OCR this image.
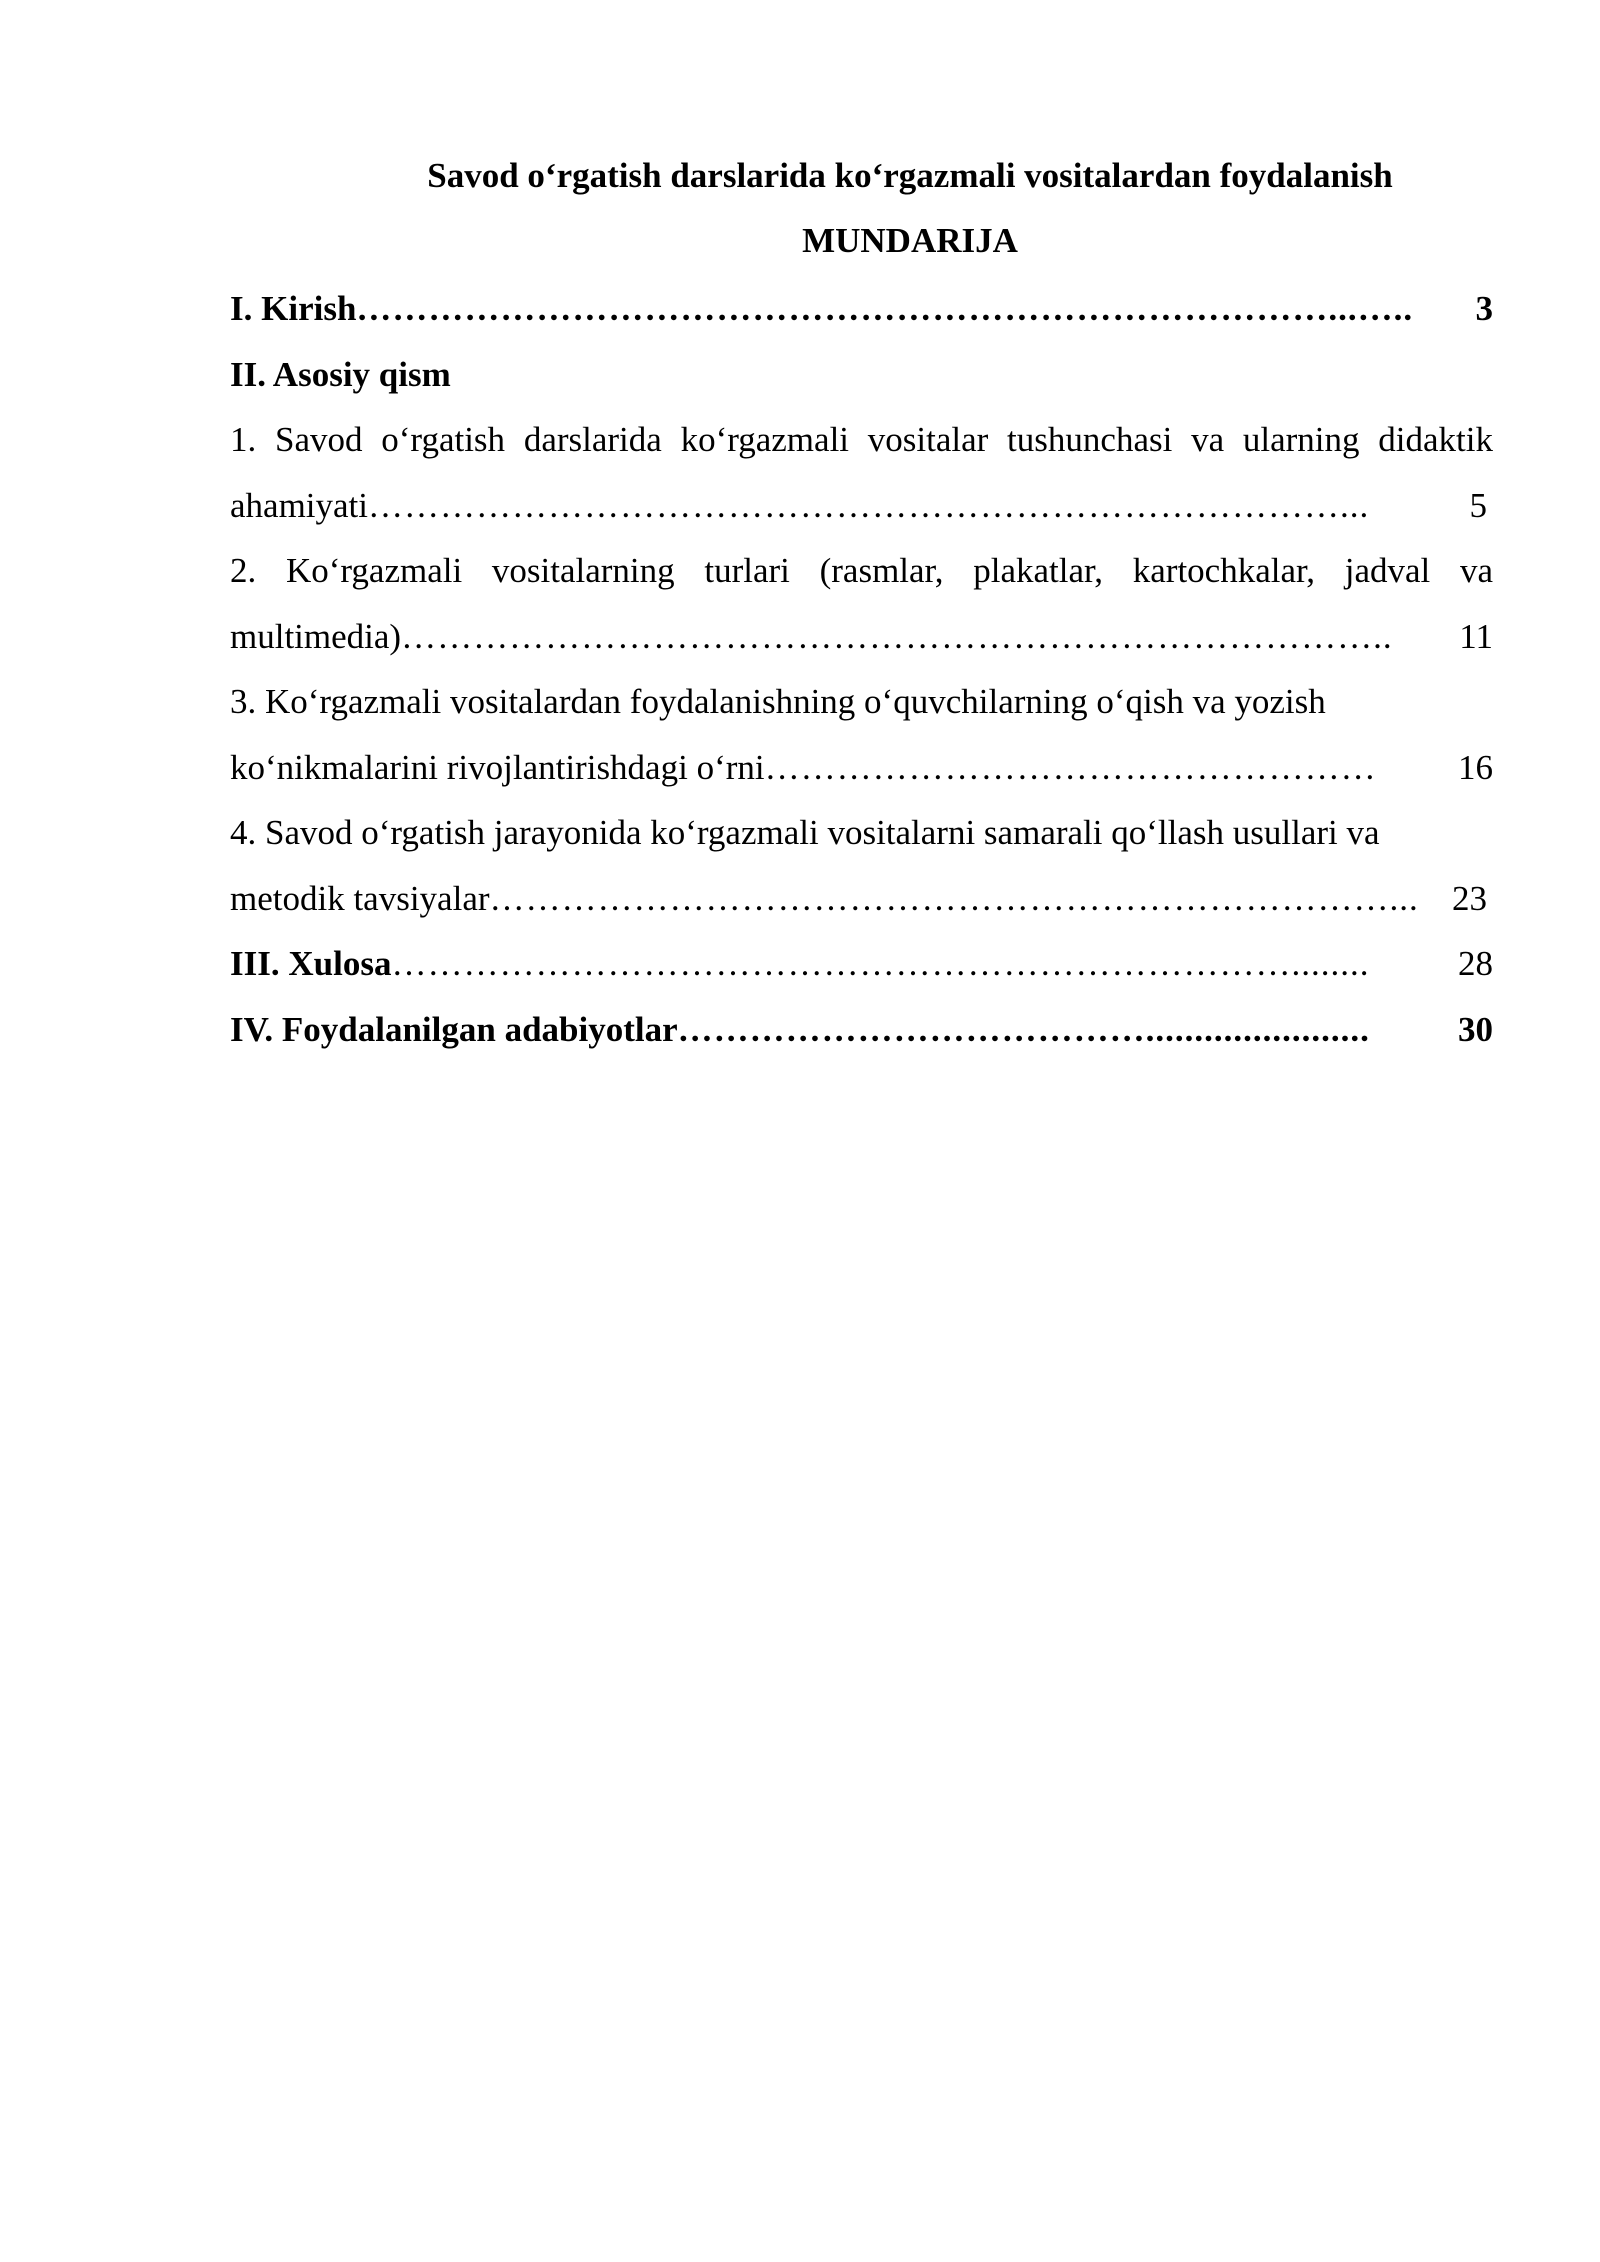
Savod o‘rgatish darslarida ko‘rgazmali vositalardan foydalanish
MUNDARIJA
I. Kirish ………………………………………………………………………...…..	3
II. Asosiy qism
1. Savod o‘rgatish darslarida ko‘rgazmali vositalar tushunchasi va ularning didaktik
ahamiyati ………………………………………………………………………...	5
2. Ko‘rgazmali vositalarning turlari (rasmlar, plakatlar, kartochkalar, jadval va
multimedia) ………………………………………………………………………..	11
3. Ko‘rgazmali vositalardan foydalanishning o‘quvchilarning o‘qish va yozish
ko‘nikmalarini rivojlantirishdagi o‘rni ……………………………………………	16
4. Savod o‘rgatish jarayonida ko‘rgazmali vositalarni samarali qo‘llash usullari va
metodik tavsiyalar …………………………………………………………………... 23
III. Xulosa …………………………………………………………………........	28
IV. Foydalanilgan adabiyotlar ………………………………….......................	30
